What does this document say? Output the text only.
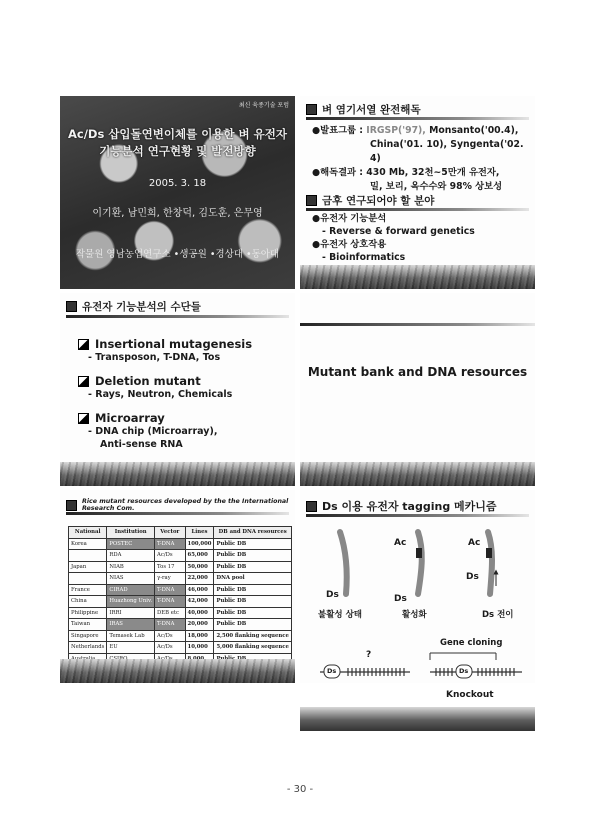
최신 육종기술 포럼
Ac/Ds 삽입돌연변이체를 이용한 벼 유전자
기능분석 연구현황 및 발전방향
2005. 3. 18
이기환, 남민희, 한창덕, 김도훈, 은무영
작물원 영남농업연구소 •생공원 •경상대 •동아대
벼 염기서열 완전해독
●발표그룹 : IRGSP('97), Monsanto('00.4),
China('01. 10), Syngenta('02. 4)
●해독결과 : 430 Mb, 32천~5만개 유전자,
밀, 보리, 옥수수와 98% 상보성
금후 연구되어야 할 분야
●유전자 기능분석
- Reverse & forward genetics
●유전자 상호작용
- Bioinformatics
유전자 기능분석의 수단들
Insertional mutagenesis
- Transposon, T-DNA, Tos
Deletion mutant
- Rays, Neutron, Chemicals
Microarray
- DNA chip (Microarray),
Anti-sense RNA
Mutant bank and DNA resources
Rice mutant resources developed by the the International Research Com.
National	Institution	Vector	Lines	DB and DNA resources
Korea	POSTEC	T-DNA	100,000	Public DB
	RDA	Ac/Ds	65,000	Public DB
Japan	NIAB	Tos 17	50,000	Public DB
	NIAS	γ-ray	22,000	DNA pool
France	CIRAD	T-DNA	46,000	Public DB
China	Huazhong Univ.	T-DNA	42,000	Public DB
Philippine	IRRI	DEB etc	40,000	Public DB
Taiwan	IRAS	T-DNA	20,000	Public DB
Singapore	Temasek Lab	Ac/Ds	18,000	2,500 flanking sequence
Netherlands	EU	Ac/Ds	10,000	5,000 flanking sequence

Ds 이용 유전자 tagging 메카니즘
Ac	Ac
Ds	Ds
Ds
불활성 상태	활성화	Ds 전이
Gene cloning
?
Ds	Ds
Knockout
- 30 -
